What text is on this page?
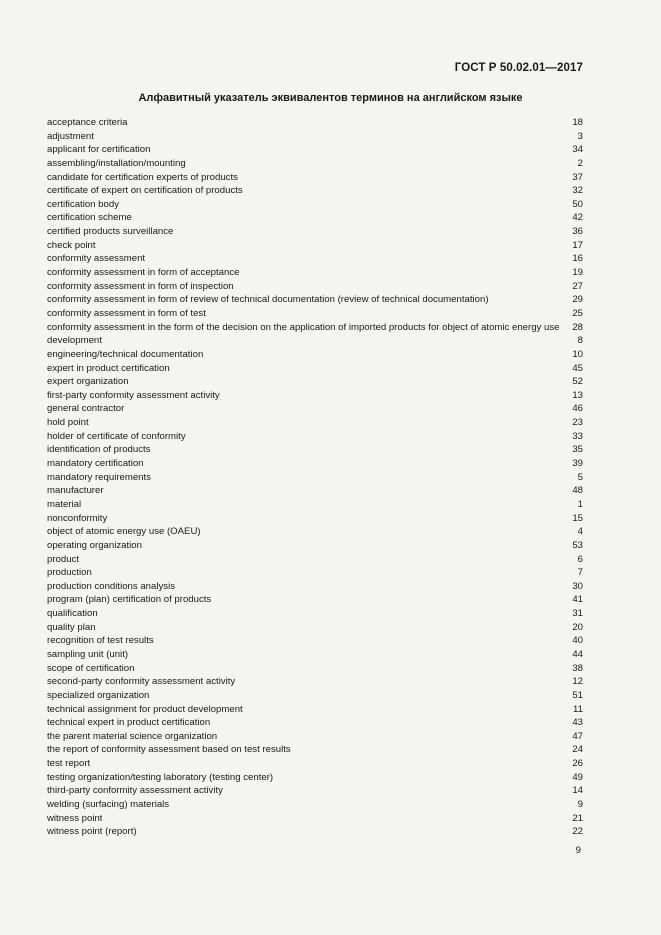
ГОСТ Р 50.02.01—2017
Алфавитный указатель эквивалентов терминов на английском языке
acceptance criteria	18
adjustment	3
applicant for certification	34
assembling/installation/mounting	2
candidate for certification experts of products	37
certificate of expert on certification of products	32
certification body	50
certification scheme	42
certified products surveillance	36
check point	17
conformity assessment	16
conformity assessment in form of acceptance	19
conformity assessment in form of inspection	27
conformity assessment in form of review of technical documentation (review of technical documentation)	29
conformity assessment in form of test	25
conformity assessment in the form of the decision on the application of imported products for object of atomic energy use 28
development	8
engineering/technical documentation	10
expert in product certification	45
expert organization	52
first-party conformity assessment activity	13
general contractor	46
hold point	23
holder of certificate of conformity	33
identification of products	35
mandatory certification	39
mandatory requirements	5
manufacturer	48
material	1
nonconformity	15
object of atomic energy use (OAEU)	4
operating organization	53
product	6
production	7
production conditions analysis	30
program (plan) certification of products	41
qualification	31
quality plan	20
recognition of test results	40
sampling unit (unit)	44
scope of certification	38
second-party conformity assessment activity	12
specialized organization	51
technical assignment for product development	11
technical expert in product certification	43
the parent material science organization	47
the report of conformity assessment based on test results	24
test report	26
testing organization/testing laboratory (testing center)	49
third-party conformity assessment activity	14
welding (surfacing) materials	9
witness point	21
witness point (report)	22
9
